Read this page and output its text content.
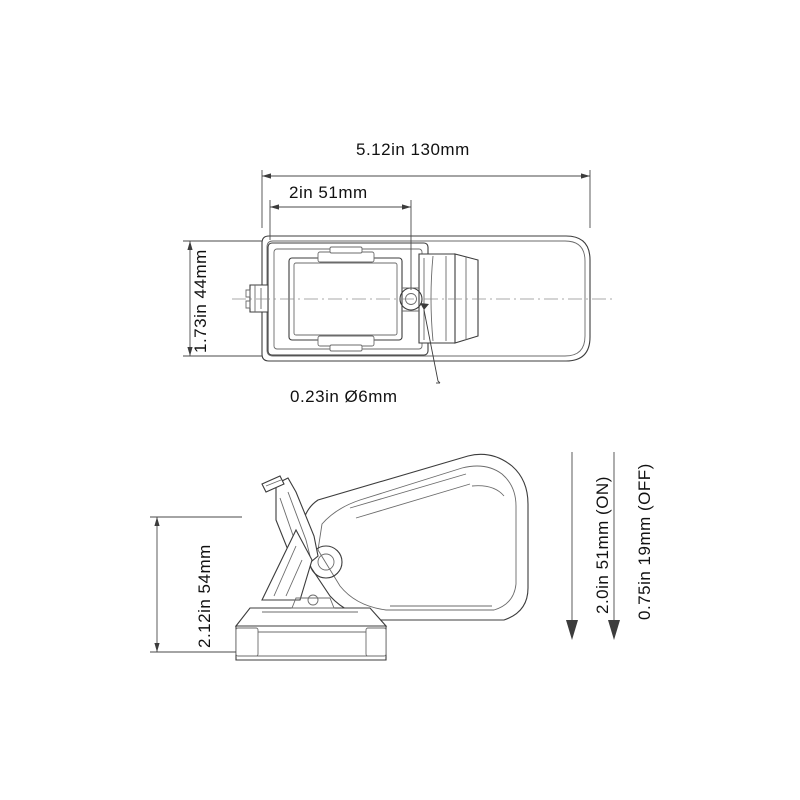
5.12in 130mm
2in 51mm
1.73in 44mm
0.23in Ø6mm
2.12in 54mm	2.0in 51mm (ON) 0.75in 19mm (OFF)
